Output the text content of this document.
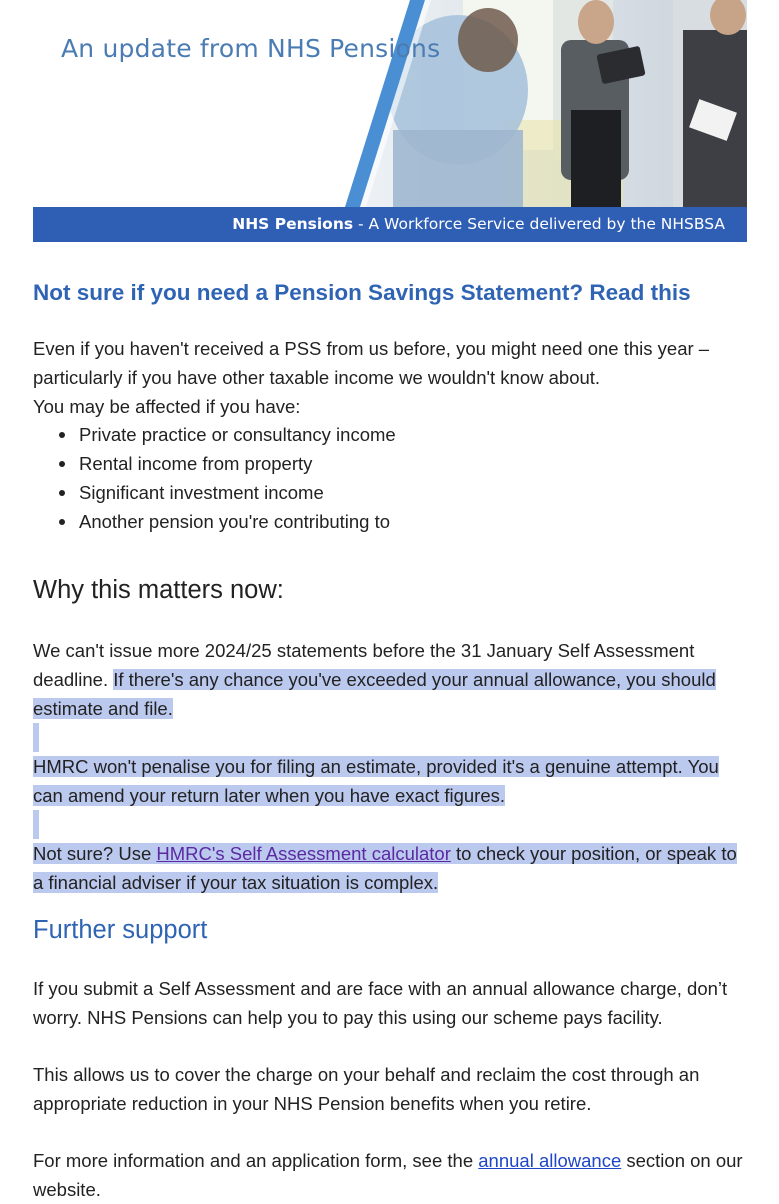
An update from NHS Pensions
NHS Pensions - A Workforce Service delivered by the NHSBSA
Not sure if you need a Pension Savings Statement? Read this

Even if you haven't received a PSS from us before, you might need one this year –
particularly if you have other taxable income we wouldn't know about.
You may be affected if you have:

Private practice or consultancy income
Rental income from property
Significant investment income
Another pension you're contributing to
Why this matters now:

We can't issue more 2024/25 statements before the 31 January Self Assessment
deadline. If there's any chance you've exceeded your annual allowance, you should
estimate and file.

HMRC won't penalise you for filing an estimate, provided it's a genuine attempt. You
can amend your return later when you have exact figures.

Not sure? Use HMRC's Self Assessment calculator to check your position, or speak to
a financial adviser if your tax situation is complex.

Further support

If you submit a Self Assessment and are face with an annual allowance charge, don’t
worry. NHS Pensions can help you to pay this using our scheme pays facility.

This allows us to cover the charge on your behalf and reclaim the cost through an
appropriate reduction in your NHS Pension benefits when you retire.

For more information and an application form, see the annual allowance section on our
website.
